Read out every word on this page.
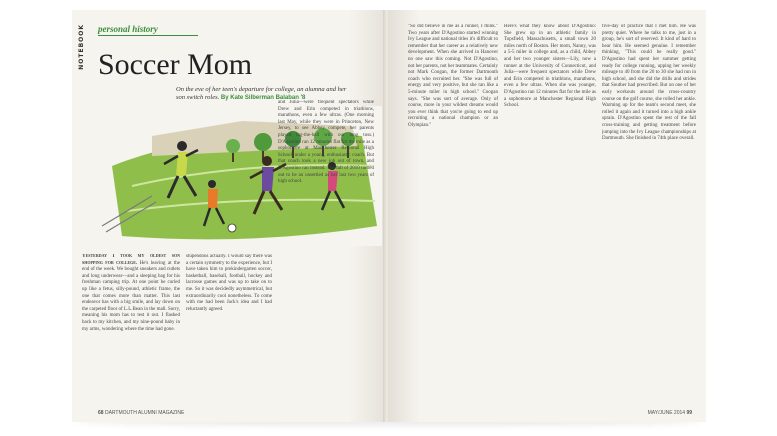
NOTEBOOK	personal history
Soccer Mom
On the eve of her teen's departure for college, an alumna and her
son switch roles. By Kate Silberman Balaban '8
Yesterday I took my oldest son shopping for college. He's leaving at the end of the week. We bought sneakers and cutlets and long underwear—and a sleeping bag for his freshman camping trip. At one point he curled up like a fetus, silly-pound, athletic frame, the one that comes more than matter. This last endeavor has with a big smile, and lay down on the carpeted floor of L.L.Bean in the mall. Sorry, meaning his mom has to test it out. I flashed back to my kitchen, and my nine-pound baby in my arms, wondering where the time had gone.
stupendous actually. I would say there was a certain symmetry to the experience, but I have taken him to prekindergarten soccer, basketball, baseball, football, hockey and lacrosse games and was up to take on to me. So it was decidedly asymmetrical, but extraordinarily cool nonetheless. To come with me had been Jack's idea and I had reluctantly agreed.
and Julia—were frequent spectators while Drew and Erin competed in triathlons, marathons, even a few ultras. (One morning last May, while they were in Princeton, New Jersey, to see Abbey compete, her parents played tag-the-ball with our long toss.) D'Agostino ran 12 minutes flat for the mile as a sophomore at Manchester Regional High School, under a young, enthusiastic coach. But that coach took a new job out of town, and D'Agostino ran instead. The fall of 2010 turned out to be an unsettled as her last two years of high school.
68 DARTMOUTH ALUMNI MAGAZINE
"So did believe in me as a runner, I think." Two years after D'Agostino started winning Ivy League and national titles it's difficult to remember that her career as a relatively new development. When she arrived in Hanover no one saw this coming. Not D'Agostino, not her parents, not her teammates. Certainly not Mark Coogan, the former Dartmouth coach who recruited her. "She was full of energy and very positive, but she ran like a 5-minute miler in high school." Coogan says. "She was sort of average. Only of course, more in your wildest dreams would you ever think that you're going to end up recruiting a national champion or an Olympian."
Here's what they know about D'Agostino: She grew up in an athletic family in Topsfield, Massachusetts, a small town 20 miles north of Boston. Her mom, Nanny, was a 5-5 miler in college and, as a child, Abbey and her two younger sisters—Lily, now a runner at the University of Connecticut, and Julia—were frequent spectators while Drew and Erin competed in triathlons, marathons, even a few ultras. When she was younger, D'Agostino ran 12 minutes flat for the mile as a sophomore at Manchester Regional High School.
five-day of practice that I met him. He was pretty quiet. Where he talks to me, just in a group, he's sort of reserved. It kind of hard to hear him. He seemed genuine. I remember thinking, "This could be really good." D'Agostino had spent her summer getting ready for college running, upping her weekly mileage to 40 from the 20 to 30 she had run in high school, and she did the drills and strides that Souther had prescribed. But on one of her early workouts around the cross-country course on the golf course, she rolled her ankle. Warming up for the team's second meet, she rolled it again and it turned into a high ankle sprain. D'Agostino spent the rest of the fall cross-training and getting treatment before jumping into the Ivy League championships at Dartmouth. She finished in 74th place overall.
MAY/JUNE 2014 99
